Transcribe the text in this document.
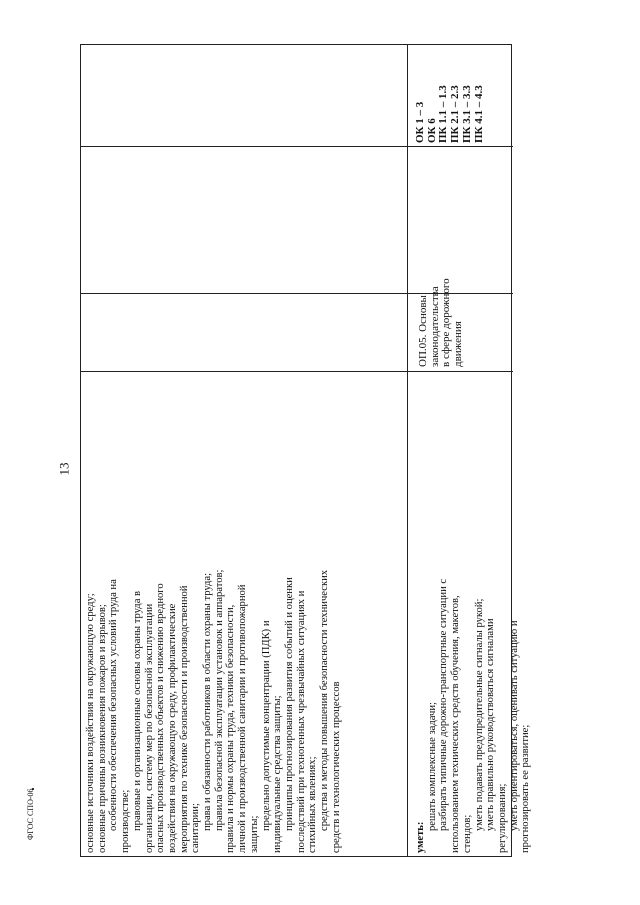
13
ФГОС СПО-06	основные источники воздействия на окружающую среду; основные причины возникновения пожаров и взрывов; особенности обеспечения безопасных условий труда на производстве; правовые и организационные основы охраны труда в организации, систему мер по безопасной эксплуатации опасных производственных объектов и снижению вредного воздействия на окружающую среду, профилактические мероприятия по технике безопасности и производственной санитарии; права и обязанности работников в области охраны труда; правила безопасной эксплуатации установок и аппаратов; правила и нормы охраны труда, техники безопасности, личной и производственной санитарии и противопожарной защиты;

предельно допустимые концентрации (ПДК) и индивидуальные средства защиты; принципы прогнозирования развития событий и оценки последствий при техногенных чрезвычайных ситуациях и стихийных явлениях; средства и методы повышения безопасности технических средств и технологических процессов	уметь:

решать комплексные задачи; разбирать типичные дорожно-транспортные ситуации с использованием технических средств обучения, макетов, стендов;

уметь подавать предупредительные сигналы рукой; уметь правильно руководствоваться сигналами регулирования; уметь ориентироваться, оценивать ситуацию и прогнозировать ее развитие;

ОП.05. Основы законодательства в сфере дорожного движения

ОК 1 – 3 ОК 6 ПК 1.1 – 1.3 ПК 2.1 – 2.3 ПК 3.1 – 3.3 ПК 4.1 – 4.3
